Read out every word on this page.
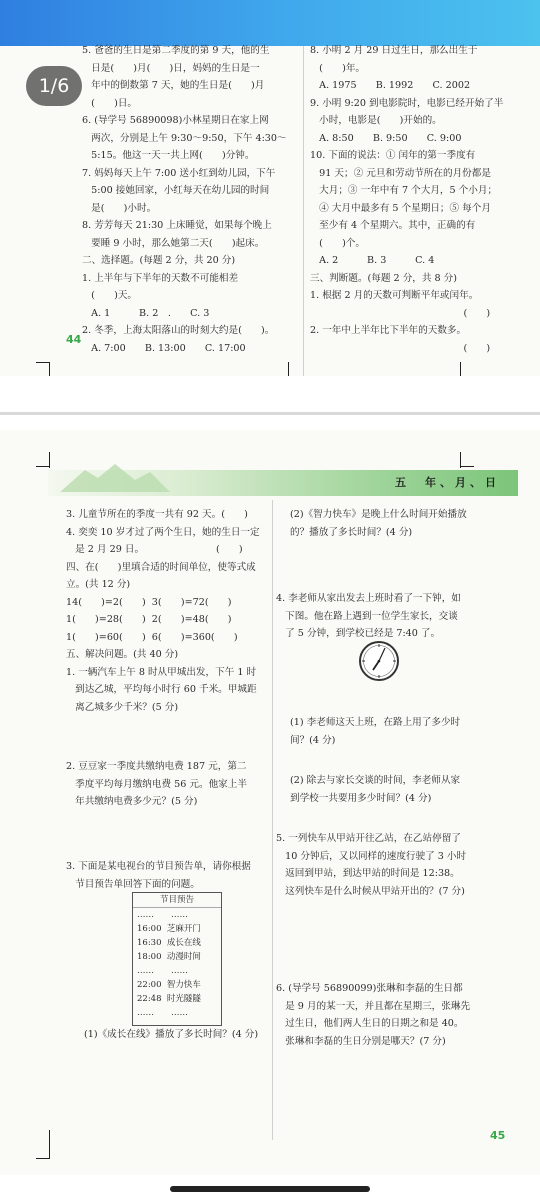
1/6

5. 爸爸的生日是第二季度的第 9 天，他的生

日是(　　)月(　　)日，妈妈的生日是一

年中的倒数第 7 天，她的生日是(　　)月

(　　)日。

6. (导学号 56890098)小林星期日在家上网

两次，分别是上午 9:30～9:50，下午 4:30～

5:15。他这一天一共上网(　　)分钟。

7. 妈妈每天上午 7:00 送小红到幼儿园，下午

5:00 接她回家，小红每天在幼儿园的时间

是(　　)小时。

8. 芳芳每天 21:30 上床睡觉，如果每个晚上

要睡 9 小时，那么她第二天(　　)起床。

二、选择题。(每题 2 分，共 20 分)

1. 上半年与下半年的天数不可能相差

(　　)天。

A. 1　　　B. 2　.　　C. 3

2. 冬季，上海太阳落山的时刻大约是(　　)。

A. 7:00　　B. 13:00　　C. 17:00

8. 小明 2 月 29 日过生日，那么出生于

(　　)年。

A. 1975　　B. 1992　　C. 2002

9. 小明 9:20 到电影院时，电影已经开始了半

小时，电影是(　　)开始的。

A. 8:50　　B. 9:50　　C. 9:00

10. 下面的说法：① 闰年的第一季度有

91 天；② 元旦和劳动节所在的月份都是

大月；③ 一年中有 7 个大月，5 个小月；

④ 大月中最多有 5 个星期日；⑤ 每个月

至少有 4 个星期六。其中，正确的有

(　　)个。

A. 2　　　B. 3　　　C. 4

三、判断题。(每题 2 分，共 8 分)

1. 根据 2 月的天数可判断平年或闰年。

　　　　　　　　　　　　　　　　(　　)

2. 一年中上半年比下半年的天数多。

　　　　　　　　　　　　　　　　(　　)

44
五　年、月、日

3. 儿童节所在的季度一共有 92 天。(　　)

4. 奕奕 10 岁才过了两个生日，她的生日一定

是 2 月 29 日。　　　　　　　　(　　)

四、在(　　)里填合适的时间单位，使等式成

立。(共 12 分)

14(　　)=2(　　)  3(　　)=72(　　)

1(　　)=28(　　)  2(　　)=48(　　)

1(　　)=60(　　)  6(　　)=360(　　)

五、解决问题。(共 40 分)

1. 一辆汽车上午 8 时从甲城出发，下午 1 时

到达乙城，平均每小时行 60 千米。甲城距

离乙城多少千米？(5 分)

2. 豆豆家一季度共缴纳电费 187 元，第二

季度平均每月缴纳电费 56 元。他家上半

年共缴纳电费多少元？(5 分)

3. 下面是某电视台的节目预告单，请你根据

节目预告单回答下面的问题。

节目预告
……　　……
16:00  芝麻开门
16:30  成长在线
18:00  动漫时间
……　　……
22:00  智力快车
22:48  时光隧隧
……　　……

(1)《成长在线》播放了多长时间？(4 分)

(2)《智力快车》是晚上什么时间开始播放

的？播放了多长时间？(4 分)

4. 李老师从家出发去上班时看了一下钟，如

下图。他在路上遇到一位学生家长，交谈

了 5 分钟，到学校已经是 7:40 了。

(1) 李老师这天上班，在路上用了多少时

间？(4 分)

(2) 除去与家长交谈的时间，李老师从家

到学校一共要用多少时间？(4 分)

5. 一列快车从甲站开往乙站，在乙站停留了

10 分钟后，又以同样的速度行驶了 3 小时

返回到甲站，到达甲站的时间是 12:38。

这列快车是什么时候从甲站开出的？(7 分)

6. (导学号 56890099)张琳和李磊的生日都

是 9 月的某一天，并且都在星期三，张琳先

过生日，他们两人生日的日期之和是 40。

张琳和李磊的生日分别是哪天？(7 分)

45
